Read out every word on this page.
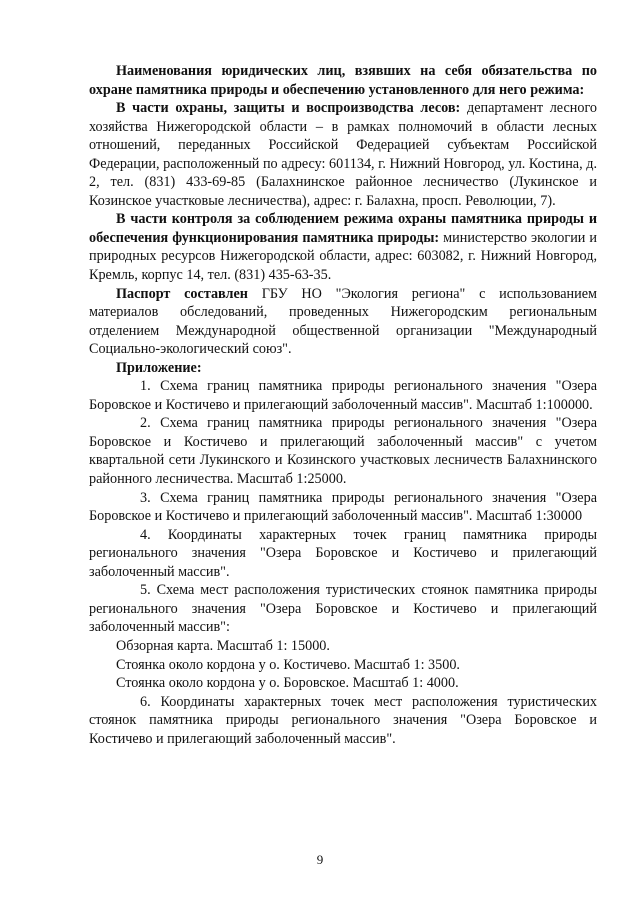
Наименования юридических лиц, взявших на себя обязательства по охране памятника природы и обеспечению установленного для него режима:

В части охраны, защиты и воспроизводства лесов: департамент лесного хозяйства Нижегородской области – в рамках полномочий в области лесных отношений, переданных Российской Федерацией субъектам Российской Федерации, расположенный по адресу: 601134, г. Нижний Новгород, ул. Костина, д. 2, тел. (831) 433-69-85 (Балахнинское районное лесничество (Лукинское и Козинское участковые лесничества), адрес: г. Балахна, просп. Революции, 7).

В части контроля за соблюдением режима охраны памятника природы и обеспечения функционирования памятника природы: министерство экологии и природных ресурсов Нижегородской области, адрес: 603082, г. Нижний Новгород, Кремль, корпус 14, тел. (831) 435-63-35.

Паспорт составлен ГБУ НО "Экология региона" с использованием материалов обследований, проведенных Нижегородским региональным отделением Международной общественной организации "Международный Социально-экологический союз".

Приложение:

1. Схема границ памятника природы регионального значения "Озера Боровское и Костичево и прилегающий заболоченный массив". Масштаб 1:100000.

2. Схема границ памятника природы регионального значения "Озера Боровское и Костичево и прилегающий заболоченный массив" с учетом квартальной сети Лукинского и Козинского участковых лесничеств Балахнинского районного лесничества. Масштаб 1:25000.

3. Схема границ памятника природы регионального значения "Озера Боровское и Костичево и прилегающий заболоченный массив". Масштаб 1:30000

4. Координаты характерных точек границ памятника природы регионального значения "Озера Боровское и Костичево и прилегающий заболоченный массив".

5. Схема мест расположения туристических стоянок памятника природы регионального значения "Озера Боровское и Костичево и прилегающий заболоченный массив":

Обзорная карта. Масштаб 1: 15000.

Стоянка около кордона у о. Костичево. Масштаб 1: 3500.

Стоянка около кордона у о. Боровское. Масштаб 1: 4000.

6. Координаты характерных точек мест расположения туристических стоянок памятника природы регионального значения "Озера Боровское и Костичево и прилегающий заболоченный массив".

9
